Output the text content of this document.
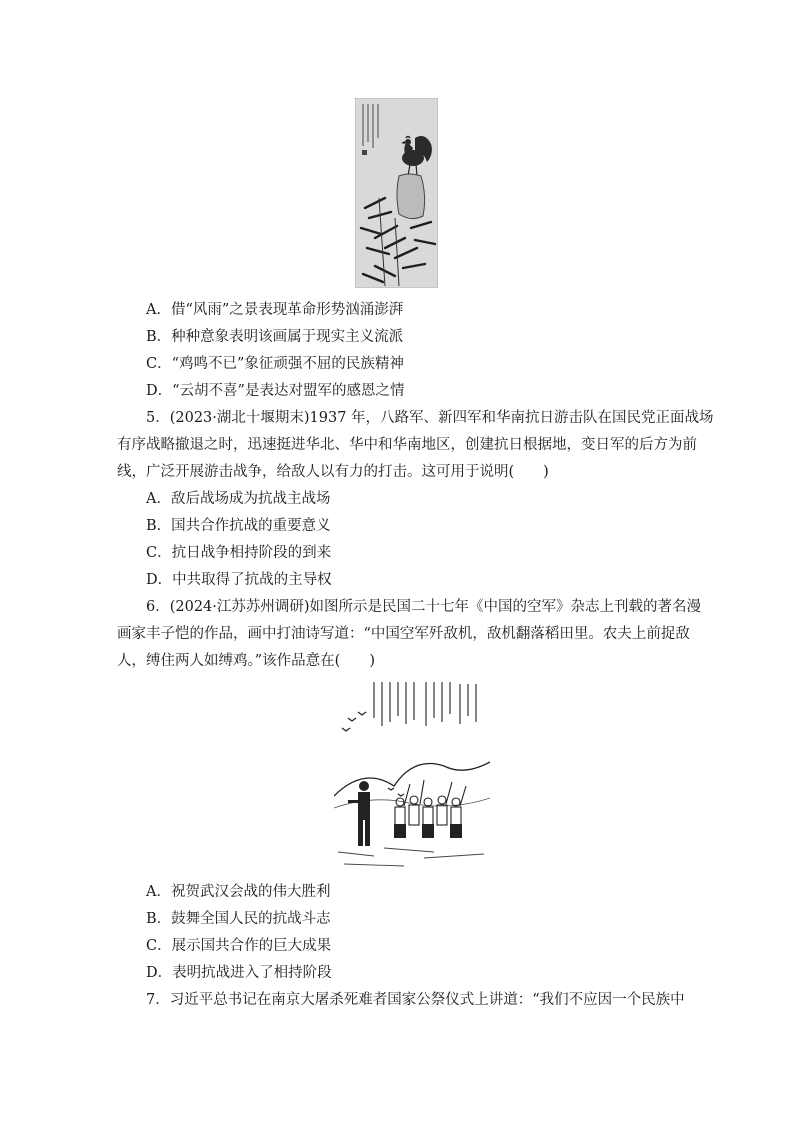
A．借“风雨”之景表现革命形势汹涌澎湃
B．种种意象表明该画属于现实主义流派
C．“鸡鸣不已”象征顽强不屈的民族精神
D．“云胡不喜”是表达对盟军的感恩之情
5．(2023·湖北十堰期末)1937 年，八路军、新四军和华南抗日游击队在国民党正面战场
有序战略撤退之时，迅速挺进华北、华中和华南地区，创建抗日根据地，变日军的后方为前
线，广泛开展游击战争，给敌人以有力的打击。这可用于说明(　　)
A．敌后战场成为抗战主战场
B．国共合作抗战的重要意义
C．抗日战争相持阶段的到来
D．中共取得了抗战的主导权
6．(2024·江苏苏州调研)如图所示是民国二十七年《中国的空军》杂志上刊载的著名漫
画家丰子恺的作品，画中打油诗写道：“中国空军歼敌机，敌机翻落稻田里。农夫上前捉敌
人，缚住两人如缚鸡。”该作品意在(　　)
A．祝贺武汉会战的伟大胜利
B．鼓舞全国人民的抗战斗志
C．展示国共合作的巨大成果
D．表明抗战进入了相持阶段
7．习近平总书记在南京大屠杀死难者国家公祭仪式上讲道：“我们不应因一个民族中
